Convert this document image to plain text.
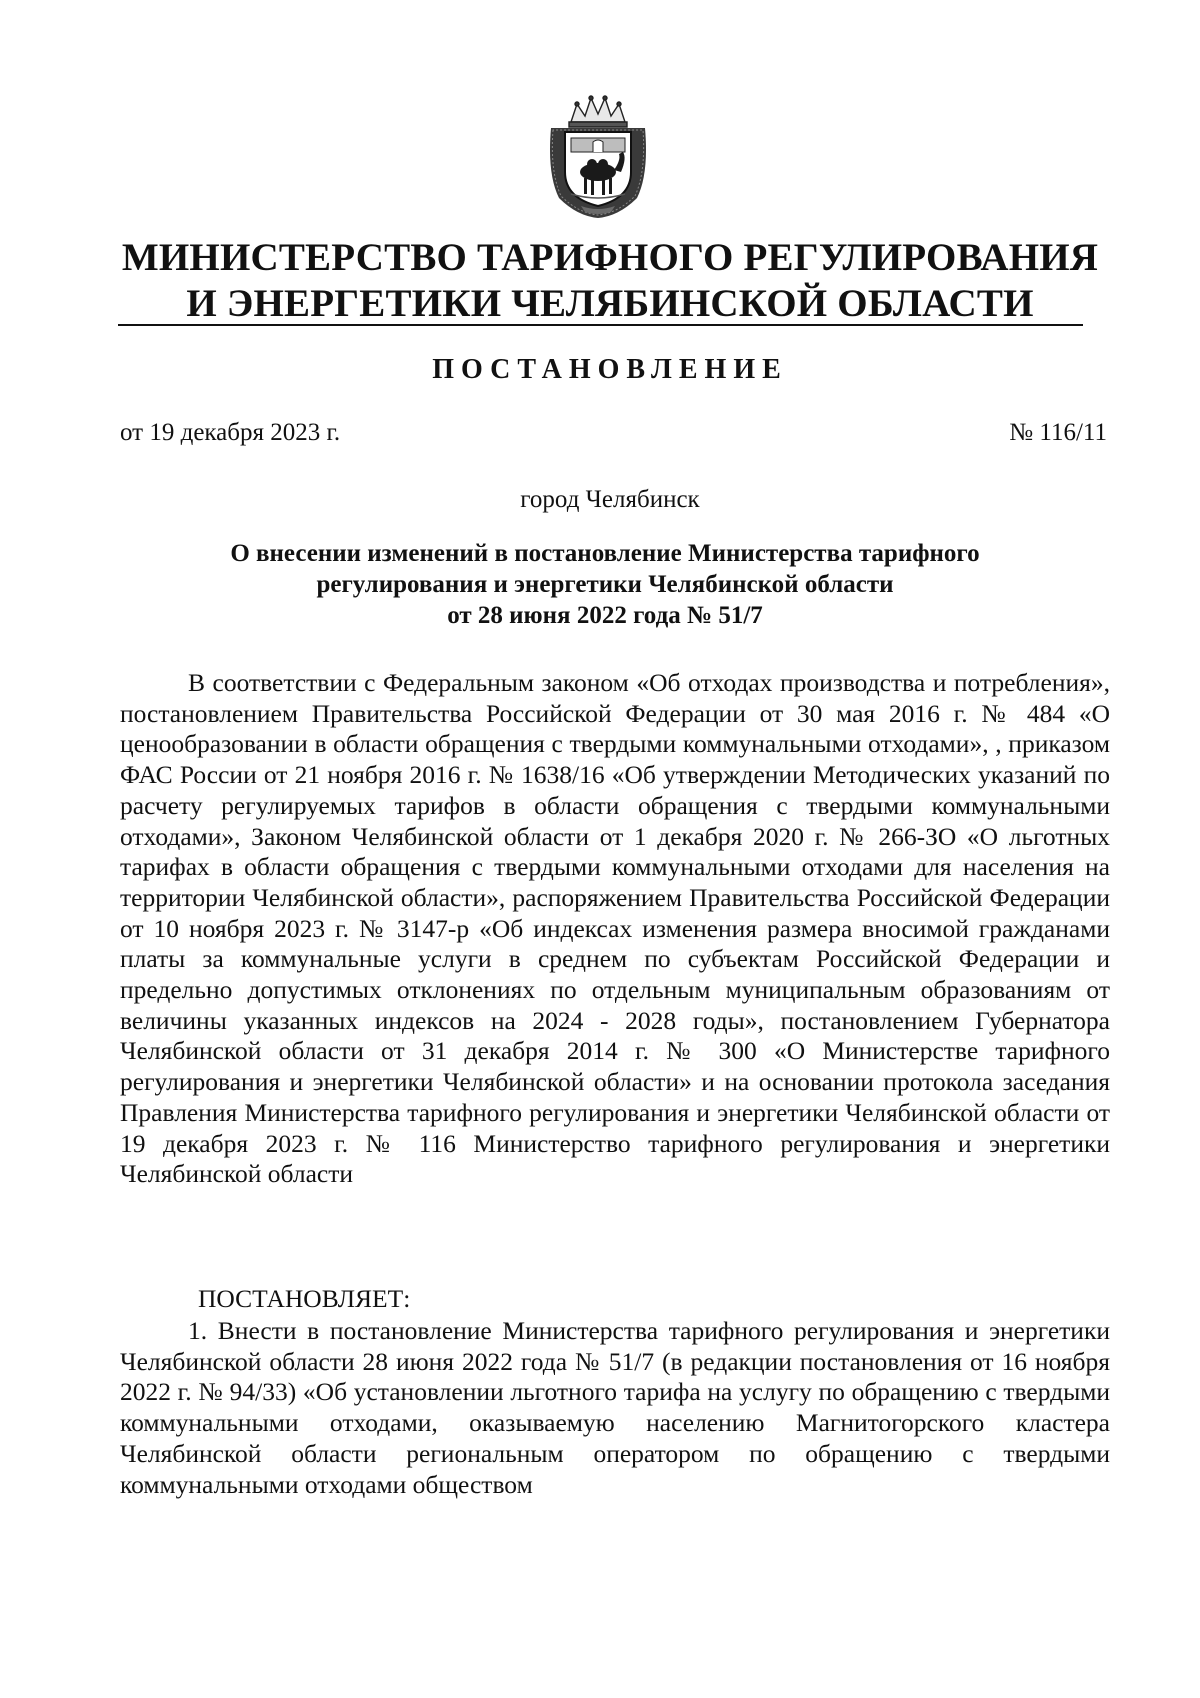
МИНИСТЕРСТВО ТАРИФНОГО РЕГУЛИРОВАНИЯ
И ЭНЕРГЕТИКИ ЧЕЛЯБИНСКОЙ ОБЛАСТИ
ПОСТАНОВЛЕНИЕ
от 19 декабря 2023 г.	№ 116/11
город Челябинск
О внесении изменений в постановление Министерства тарифного
регулирования и энергетики Челябинской области
от 28 июня 2022 года № 51/7
В соответствии с Федеральным законом «Об отходах производства и потребления», постановлением Правительства Российской Федерации от 30 мая 2016 г. № 484 «О ценообразовании в области обращения с твердыми коммунальными отходами», , приказом ФАС России от 21 ноября 2016 г. № 1638/16 «Об утверждении Методических указаний по расчету регулируемых тарифов в области обращения с твердыми коммунальными отходами», Законом Челябинской области от 1 декабря 2020 г. № 266-ЗО «О льготных тарифах в области обращения с твердыми коммунальными отходами для населения на территории Челябинской области», распоряжением Правительства Российской Федерации от 10 ноября 2023 г. № 3147-р «Об индексах изменения размера вносимой гражданами платы за коммунальные услуги в среднем по субъектам Российской Федерации и предельно допустимых отклонениях по отдельным муниципальным образованиям от величины указанных индексов на 2024 - 2028 годы», постановлением Губернатора Челябинской области от 31 декабря 2014 г. № 300 «О Министерстве тарифного регулирования и энергетики Челябинской области» и на основании протокола заседания Правления Министерства тарифного регулирования и энергетики Челябинской области от 19 декабря 2023 г. № 116 Министерство тарифного регулирования и энергетики Челябинской области
ПОСТАНОВЛЯЕТ:
1. Внести в постановление Министерства тарифного регулирования и энергетики Челябинской области 28 июня 2022 года № 51/7 (в редакции постановления от 16 ноября 2022 г. № 94/33) «Об установлении льготного тарифа на услугу по обращению с твердыми коммунальными отходами, оказываемую населению Магнитогорского кластера Челябинской области региональным оператором по обращению с твердыми коммунальными отходами обществом
